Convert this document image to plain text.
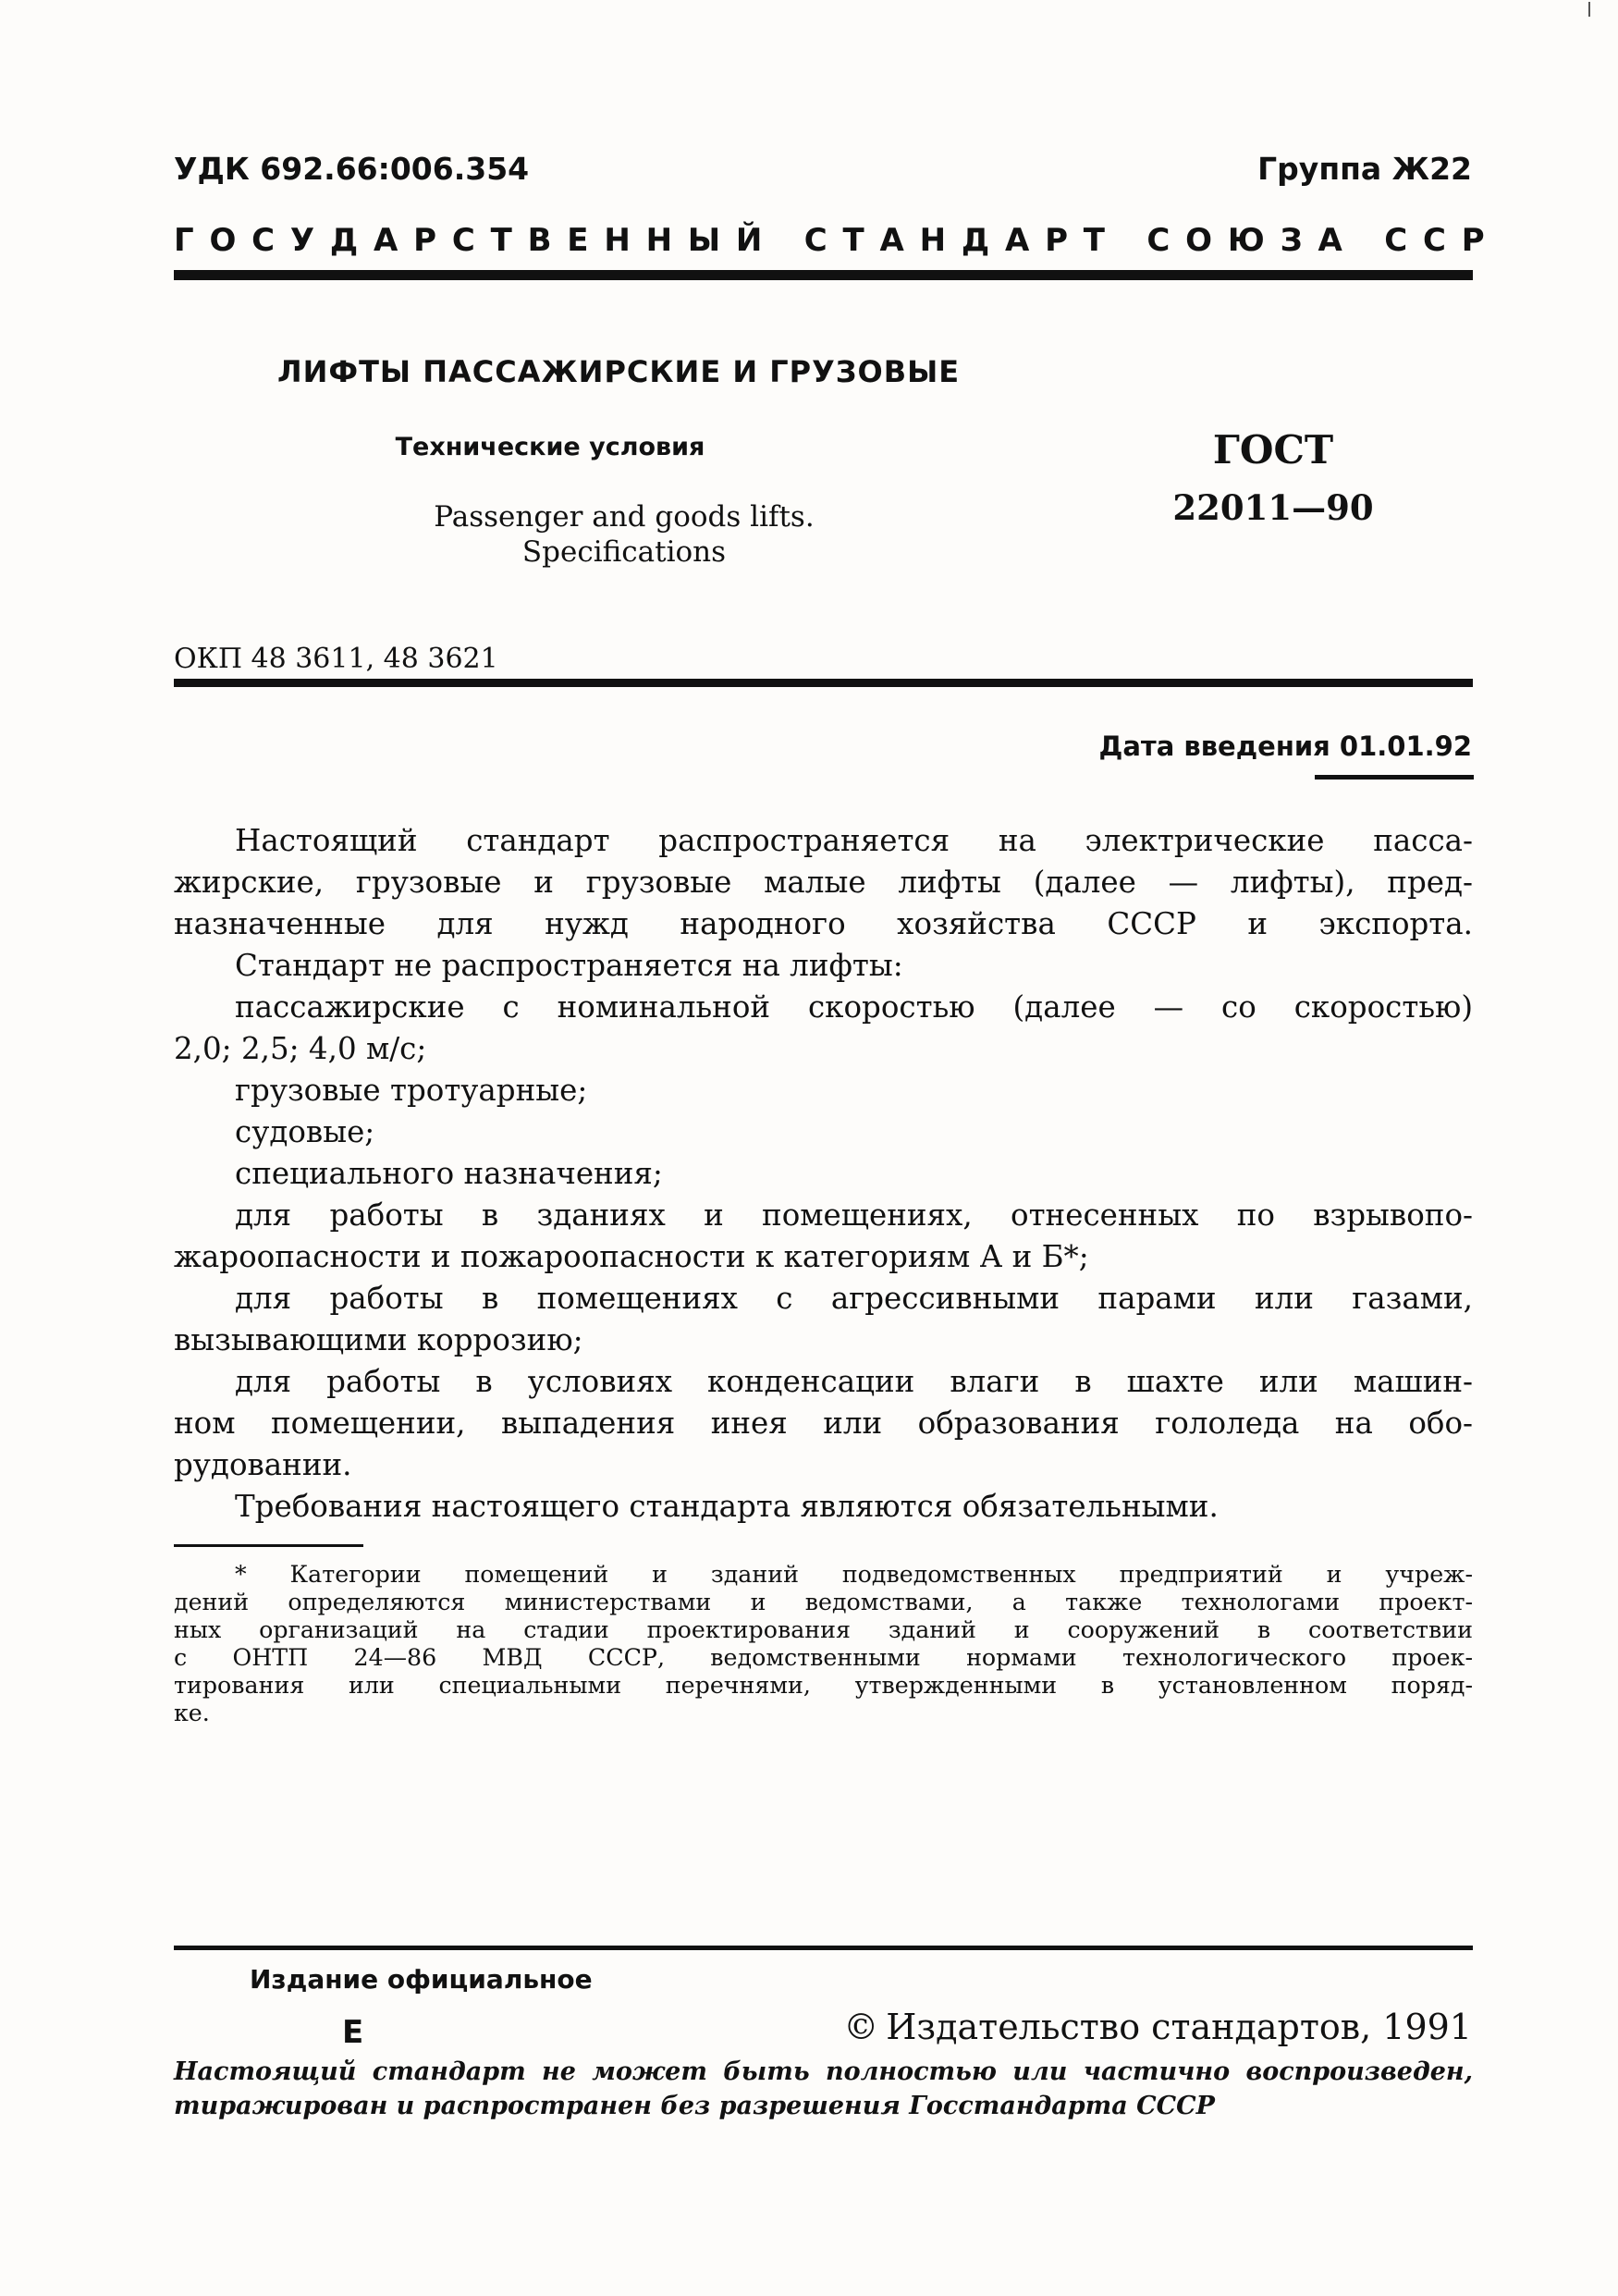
УДК 692.66:006.354	Группа Ж22
ГОСУДАРСТВЕННЫЙ СТАНДАРТ СОЮЗА ССР
ЛИФТЫ ПАССАЖИРСКИЕ И ГРУЗОВЫЕ
Технические условия
Passenger and goods lifts.
Specifications
ГОСТ
22011—90
ОКП 48 3611, 48 3621
Дата введения 01.01.92
Настоящий стандарт распространяется на электрические пасса-
жирские, грузовые и грузовые малые лифты (далее — лифты), пред-
назначенные для нужд народного хозяйства СССР и экспорта.
Стандарт не распространяется на лифты:
пассажирские с номинальной скоростью (далее — со скоростью)
2,0; 2,5; 4,0 м/с;
грузовые тротуарные;
судовые;
специального назначения;
для работы в зданиях и помещениях, отнесенных по взрывопо-
жароопасности и пожароопасности к категориям А и Б*;
для работы в помещениях с агрессивными парами или газами,
вызывающими коррозию;
для работы в условиях конденсации влаги в шахте или машин-
ном помещении, выпадения инея или образования гололеда на обо-
рудовании.
Требования настоящего стандарта являются обязательными.
* Категории помещений и зданий подведомственных предприятий и учреж-
дений определяются министерствами и ведомствами, а также технологами проект-
ных организаций на стадии проектирования зданий и сооружений в соответствии
с ОНТП 24—86 МВД СССР, ведомственными нормами технологического проек-
тирования или специальными перечнями, утвержденными в установленном поряд-
ке.
Издание официальное
Е	© Издательство стандартов, 1991
Настоящий стандарт не может быть полностью или частично воспроизведен,
тиражирован и распространен без разрешения Госстандарта СССР
